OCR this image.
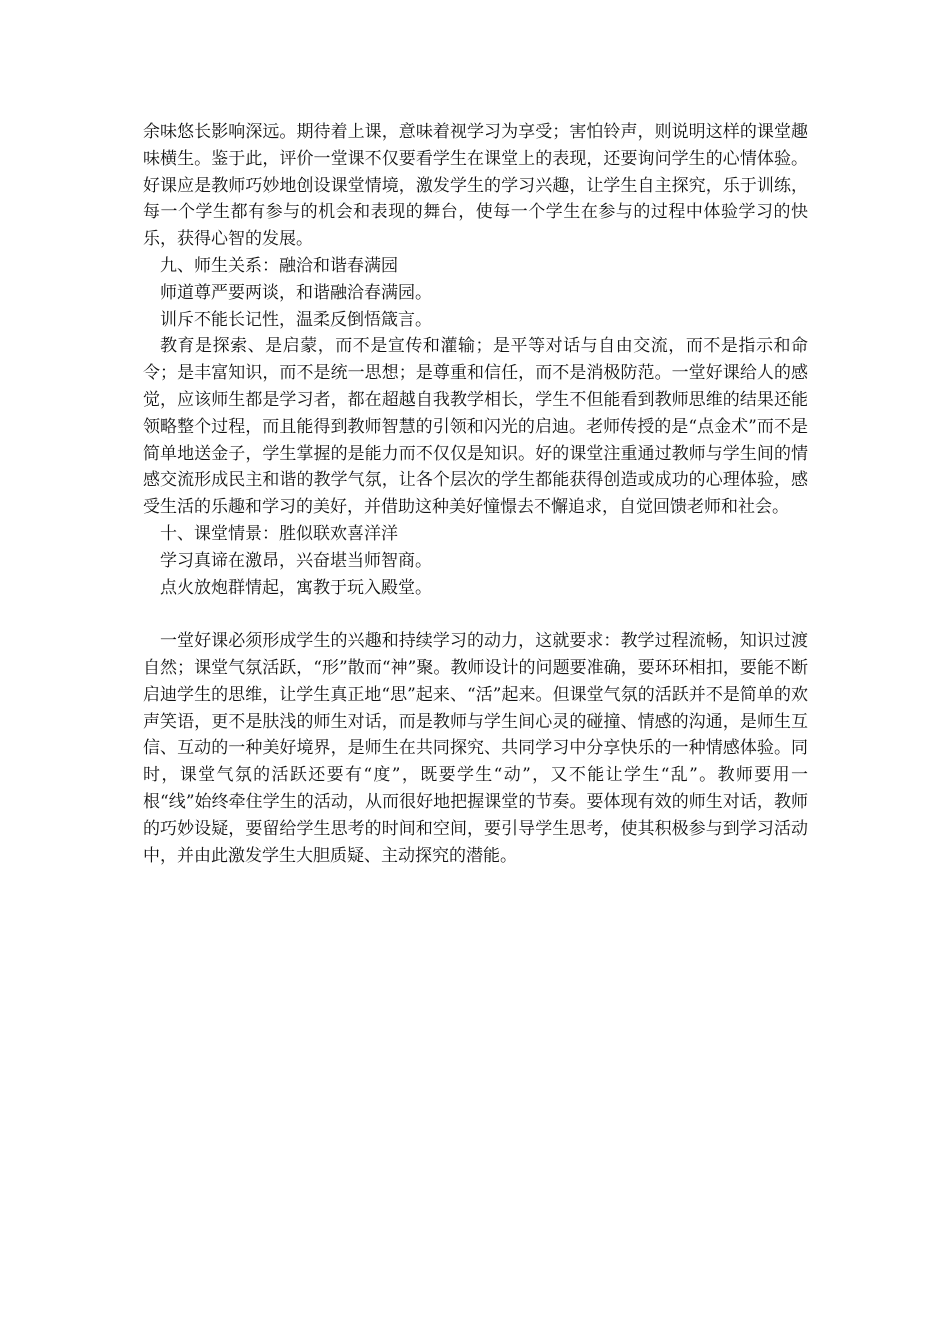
余味悠长影响深远。期待着上课，意味着视学习为享受；害怕铃声，则说明这样的课堂趣味横生。鉴于此，评价一堂课不仅要看学生在课堂上的表现，还要询问学生的心情体验。好课应是教师巧妙地创设课堂情境，激发学生的学习兴趣，让学生自主探究，乐于训练，每一个学生都有参与的机会和表现的舞台，使每一个学生在参与的过程中体验学习的快乐，获得心智的发展。

九、师生关系：融洽和谐春满园

师道尊严要两谈，和谐融洽春满园。

训斥不能长记性，温柔反倒悟箴言。

教育是探索、是启蒙，而不是宣传和灌输；是平等对话与自由交流，而不是指示和命令；是丰富知识，而不是统一思想；是尊重和信任，而不是消极防范。一堂好课给人的感觉，应该师生都是学习者，都在超越自我教学相长，学生不但能看到教师思维的结果还能领略整个过程，而且能得到教师智慧的引领和闪光的启迪。老师传授的是“点金术”而不是简单地送金子，学生掌握的是能力而不仅仅是知识。好的课堂注重通过教师与学生间的情感交流形成民主和谐的教学气氛，让各个层次的学生都能获得创造或成功的心理体验，感受生活的乐趣和学习的美好，并借助这种美好憧憬去不懈追求，自觉回馈老师和社会。

十、课堂情景：胜似联欢喜洋洋

学习真谛在激昂，兴奋堪当师智商。

点火放炮群情起，寓教于玩入殿堂。

一堂好课必须形成学生的兴趣和持续学习的动力，这就要求：教学过程流畅，知识过渡自然；课堂气氛活跃，“形”散而“神”聚。教师设计的问题要准确，要环环相扣，要能不断启迪学生的思维，让学生真正地“思”起来、“活”起来。但课堂气氛的活跃并不是简单的欢声笑语，更不是肤浅的师生对话，而是教师与学生间心灵的碰撞、情感的沟通，是师生互信、互动的一种美好境界，是师生在共同探究、共同学习中分享快乐的一种情感体验。同时，课堂气氛的活跃还要有“度”，既要学生“动”，又不能让学生“乱”。教师要用一根“线”始终牵住学生的活动，从而很好地把握课堂的节奏。要体现有效的师生对话，教师的巧妙设疑，要留给学生思考的时间和空间，要引导学生思考，使其积极参与到学习活动中，并由此激发学生大胆质疑、主动探究的潜能。
